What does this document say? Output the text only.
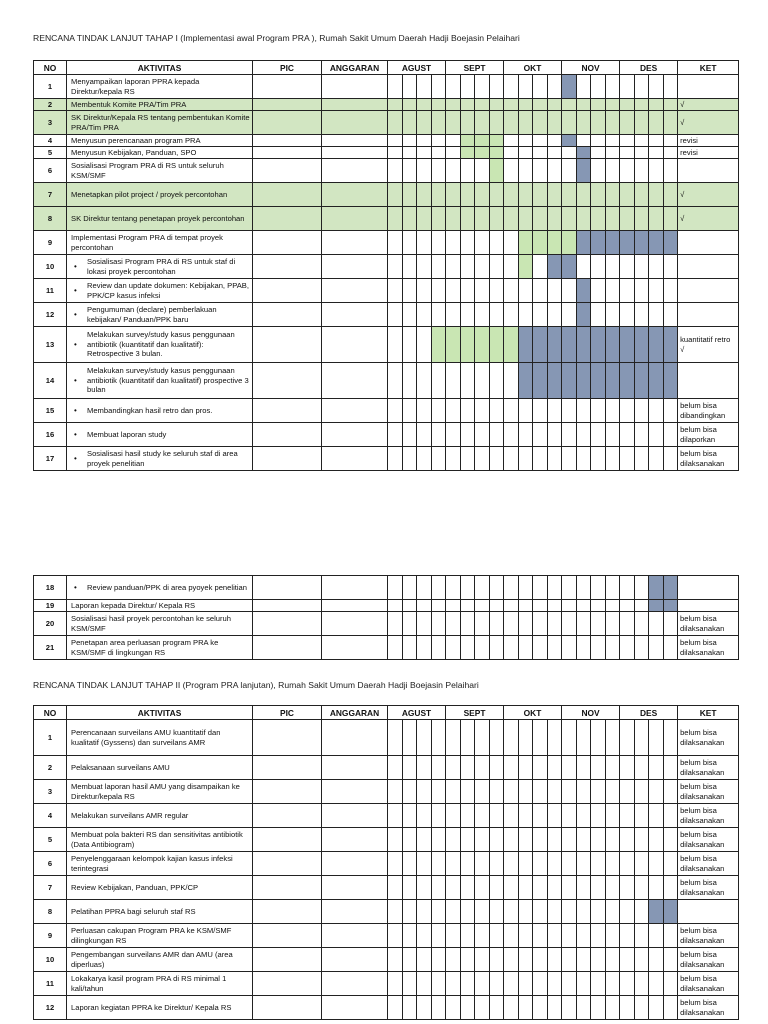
RENCANA TINDAK LANJUT TAHAP I (Implementasi awal Program PRA ), Rumah Sakit Umum Daerah Hadji Boejasin Pelaihari
NO	AKTIVITAS	PIC	ANGGARAN	AGUST				SEPT				OKT				NOV				DES				KET
1	Menyampaikan laporan PPRA kepada Direktur/kepala RS																							
2	Membentuk Komite PRA/Tim PRA																							√
3	SK Direktur/Kepala RS tentang pembentukan Komite PRA/Tim PRA																							√
4	Menyusun perencanaan program PRA																							revisi
5	Menyusun Kebijakan, Panduan, SPO																							revisi
6	Sosialisasi Program PRA di RS untuk seluruh KSM/SMF																							
7	Menetapkan pilot project / proyek percontohan																							√
8	SK Direktur tentang penetapan proyek percontohan																							√
9	Implementasi Program PRA di tempat proyek percontohan																							
10	• Sosialisasi Program PRA di RS untuk staf di lokasi proyek percontohan																							
11	• Review dan update dokumen: Kebijakan, PPAB, PPK/CP kasus infeksi																							
12	• Pengumuman (declare) pemberlakuan kebijakan/ Panduan/PPK baru																							
13	• Melakukan survey/study kasus penggunaan antibiotik (kuantitatif dan kualitatif): Retrospective 3 bulan.																							kuantitatif retro √
14	• Melakukan survey/study kasus penggunaan antibiotik (kuantitatif dan kualitatif) prospective 3 bulan																							
15	• Membandingkan hasil retro dan pros.																							belum bisa dibandingkan
16	• Membuat laporan study																							belum bisa dilaporkan
17	• Sosialisasi hasil study ke seluruh staf di area proyek penelitian																							belum bisa dilaksanakan
18	• Review panduan/PPK di area pyoyek penelitian																							
19	Laporan kepada Direktur/ Kepala RS																							
20	Sosialisasi hasil proyek percontohan ke seluruh KSM/SMF																							belum bisa dilaksanakan
21	Penetapan area perluasan program PRA ke KSM/SMF di lingkungan RS																							belum bisa dilaksanakan
RENCANA TINDAK LANJUT TAHAP II (Program PRA lanjutan), Rumah Sakit Umum Daerah Hadji Boejasin Pelaihari
NO	AKTIVITAS	PIC	ANGGARAN	AGUST				SEPT				OKT				NOV				DES				KET
1	Perencanaan surveilans AMU kuantitatif dan kualitatif (Gyssens) dan surveilans AMR																							belum bisa dilaksanakan
2	Pelaksanaan surveilans AMU																							belum bisa dilaksanakan
3	Membuat laporan hasil AMU yang disampaikan ke Direktur/kepala RS																							belum bisa dilaksanakan
4	Melakukan surveilans AMR regular																							belum bisa dilaksanakan
5	Membuat pola bakteri RS dan sensitivitas antibiotik (Data Antibiogram)																							belum bisa dilaksanakan
6	Penyelenggaraan kelompok kajian kasus infeksi terintegrasi																							belum bisa dilaksanakan
7	Review Kebijakan, Panduan, PPK/CP																							belum bisa dilaksanakan
8	Pelatihan PPRA bagi seluruh staf RS																							
9	Perluasan cakupan Program PRA ke KSM/SMF dilingkungan RS																							belum bisa dilaksanakan
10	Pengembangan surveilans AMR dan AMU (area diperluas)																							belum bisa dilaksanakan
11	Lokakarya kasil program PRA di RS minimal 1 kali/tahun																							belum bisa dilaksanakan
12	Laporan kegiatan PPRA ke Direktur/ Kepala RS																							belum bisa dilaksanakan
